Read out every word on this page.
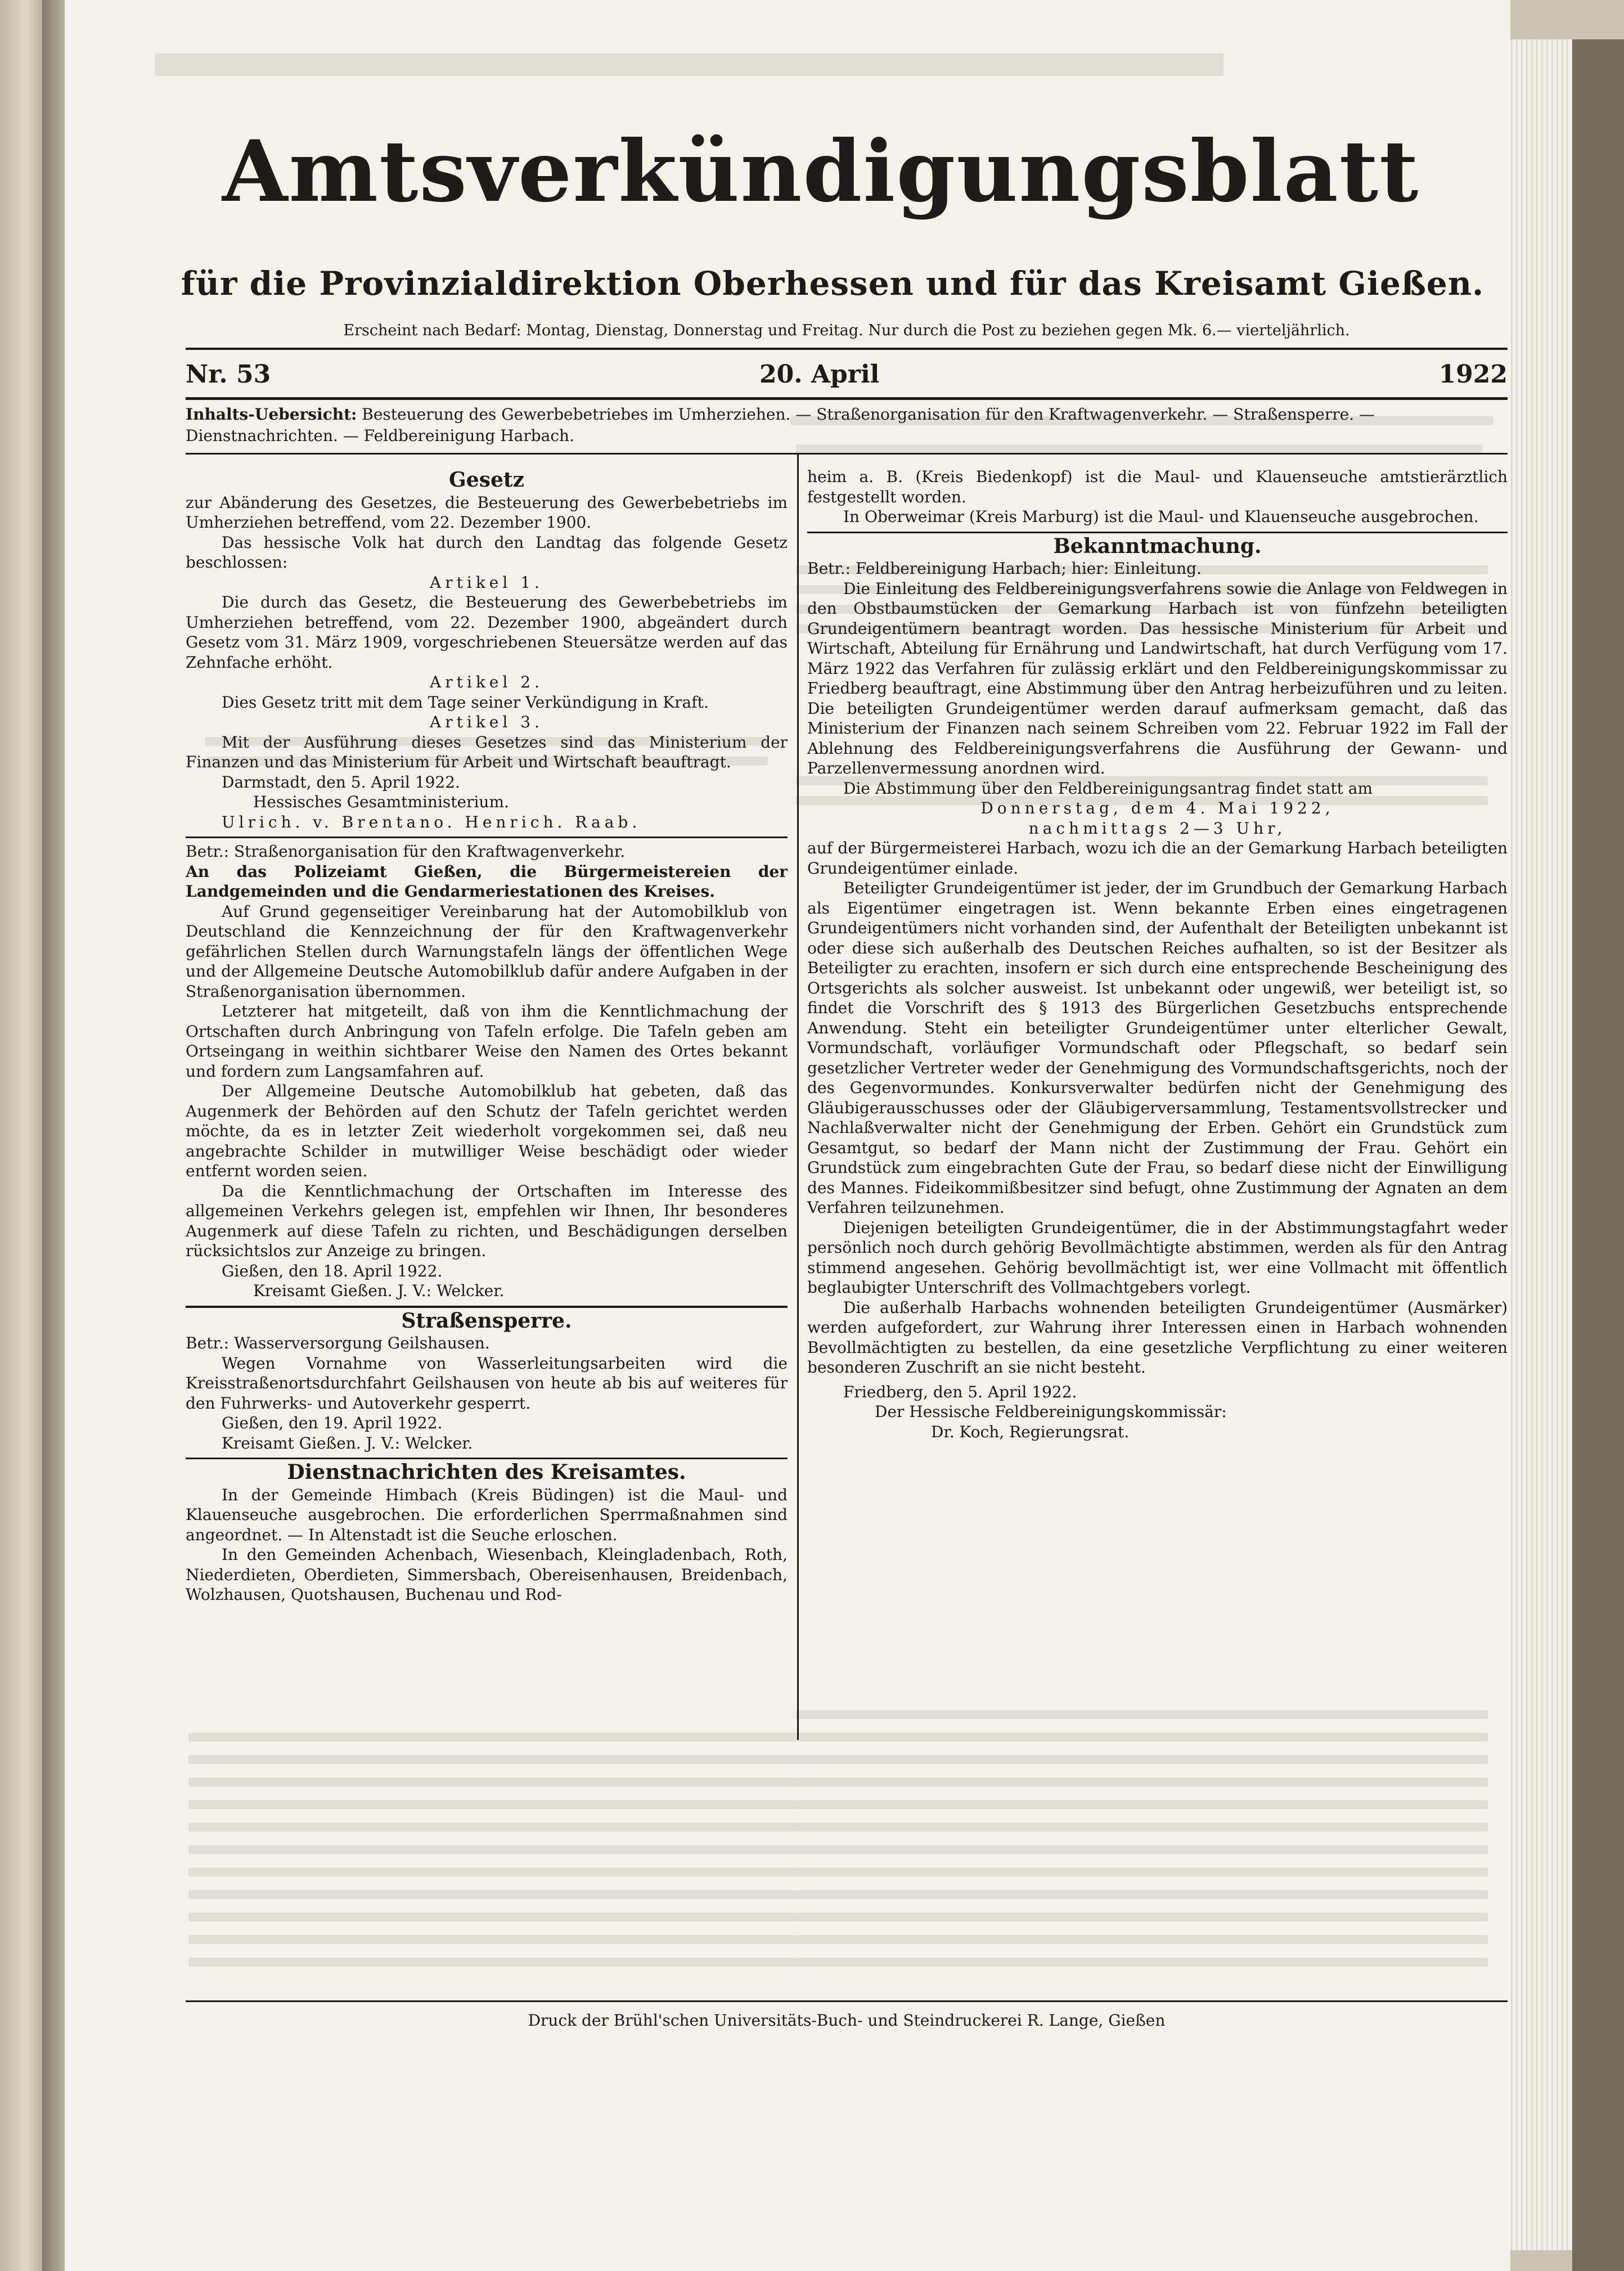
Amtsverkündigungsblatt
für die Provinzialdirektion Oberhessen und für das Kreisamt Gießen.
Erscheint nach Bedarf: Montag, Dienstag, Donnerstag und Freitag. Nur durch die Post zu beziehen gegen Mk. 6.— vierteljährlich.
Nr. 53	20. April	1922
Inhalts-Uebersicht: Besteuerung des Gewerbebetriebes im Umherziehen. — Straßenorganisation für den Kraftwagenverkehr. — Straßensperre. — Dienstnachrichten. — Feldbereinigung Harbach.

Gesetz

zur Abänderung des Gesetzes, die Besteuerung des Gewerbebetriebs im Umherziehen betreffend, vom 22. Dezember 1900.

Das hessische Volk hat durch den Landtag das folgende Gesetz beschlossen:

Artikel 1.

Die durch das Gesetz, die Besteuerung des Gewerbebetriebs im Umherziehen betreffend, vom 22. Dezember 1900, abgeändert durch Gesetz vom 31. März 1909, vorgeschriebenen Steuersätze werden auf das Zehnfache erhöht.

Artikel 2.

Dies Gesetz tritt mit dem Tage seiner Verkündigung in Kraft.

Artikel 3.

Mit der Ausführung dieses Gesetzes sind das Ministerium der Finanzen und das Ministerium für Arbeit und Wirtschaft beauftragt.

Darmstadt, den 5. April 1922.

Hessisches Gesamtministerium.

Ulrich. v. Brentano. Henrich. Raab.

Betr.: Straßenorganisation für den Kraftwagenverkehr.

An das Polizeiamt Gießen, die Bürgermeistereien der Landgemeinden und die Gendarmeriestationen des Kreises.

Auf Grund gegenseitiger Vereinbarung hat der Automobilklub von Deutschland die Kennzeichnung der für den Kraftwagenverkehr gefährlichen Stellen durch Warnungstafeln längs der öffentlichen Wege und der Allgemeine Deutsche Automobilklub dafür andere Aufgaben in der Straßenorganisation übernommen.

Letzterer hat mitgeteilt, daß von ihm die Kenntlichmachung der Ortschaften durch Anbringung von Tafeln erfolge. Die Tafeln geben am Ortseingang in weithin sichtbarer Weise den Namen des Ortes bekannt und fordern zum Langsamfahren auf.

Der Allgemeine Deutsche Automobilklub hat gebeten, daß das Augenmerk der Behörden auf den Schutz der Tafeln gerichtet werden möchte, da es in letzter Zeit wiederholt vorgekommen sei, daß neu angebrachte Schilder in mutwilliger Weise beschädigt oder wieder entfernt worden seien.

Da die Kenntlichmachung der Ortschaften im Interesse des allgemeinen Verkehrs gelegen ist, empfehlen wir Ihnen, Ihr besonderes Augenmerk auf diese Tafeln zu richten, und Beschädigungen derselben rücksichtslos zur Anzeige zu bringen.

Gießen, den 18. April 1922.

Kreisamt Gießen. J. V.: Welcker.

Straßensperre.

Betr.: Wasserversorgung Geilshausen.

Wegen Vornahme von Wasserleitungsarbeiten wird die Kreisstraßenortsdurchfahrt Geilshausen von heute ab bis auf weiteres für den Fuhrwerks- und Autoverkehr gesperrt.

Gießen, den 19. April 1922.

Kreisamt Gießen. J. V.: Welcker.

Dienstnachrichten des Kreisamtes.

In der Gemeinde Himbach (Kreis Büdingen) ist die Maul- und Klauenseuche ausgebrochen. Die erforderlichen Sperrmaßnahmen sind angeordnet. — In Altenstadt ist die Seuche erloschen.

In den Gemeinden Achenbach, Wiesenbach, Kleingladenbach, Roth, Niederdieten, Oberdieten, Simmersbach, Obereisenhausen, Breidenbach, Wolzhausen, Quotshausen, Buchenau und Rod-

heim a. B. (Kreis Biedenkopf) ist die Maul- und Klauenseuche amtstierärztlich festgestellt worden.

In Oberweimar (Kreis Marburg) ist die Maul- und Klauenseuche ausgebrochen.

Bekanntmachung.

Betr.: Feldbereinigung Harbach; hier: Einleitung.

Die Einleitung des Feldbereinigungsverfahrens sowie die Anlage von Feldwegen in den Obstbaumstücken der Gemarkung Harbach ist von fünfzehn beteiligten Grundeigentümern beantragt worden. Das hessische Ministerium für Arbeit und Wirtschaft, Abteilung für Ernährung und Landwirtschaft, hat durch Verfügung vom 17. März 1922 das Verfahren für zulässig erklärt und den Feldbereinigungskommissar zu Friedberg beauftragt, eine Abstimmung über den Antrag herbeizuführen und zu leiten. Die beteiligten Grundeigentümer werden darauf aufmerksam gemacht, daß das Ministerium der Finanzen nach seinem Schreiben vom 22. Februar 1922 im Fall der Ablehnung des Feldbereinigungsverfahrens die Ausführung der Gewann- und Parzellenvermessung anordnen wird.

Die Abstimmung über den Feldbereinigungsantrag findet statt am

Donnerstag, dem 4. Mai 1922,

nachmittags 2—3 Uhr,

auf der Bürgermeisterei Harbach, wozu ich die an der Gemarkung Harbach beteiligten Grundeigentümer einlade.

Beteiligter Grundeigentümer ist jeder, der im Grundbuch der Gemarkung Harbach als Eigentümer eingetragen ist. Wenn bekannte Erben eines eingetragenen Grundeigentümers nicht vorhanden sind, der Aufenthalt der Beteiligten unbekannt ist oder diese sich außerhalb des Deutschen Reiches aufhalten, so ist der Besitzer als Beteiligter zu erachten, insofern er sich durch eine entsprechende Bescheinigung des Ortsgerichts als solcher ausweist. Ist unbekannt oder ungewiß, wer beteiligt ist, so findet die Vorschrift des § 1913 des Bürgerlichen Gesetzbuchs entsprechende Anwendung. Steht ein beteiligter Grundeigentümer unter elterlicher Gewalt, Vormundschaft, vorläufiger Vormundschaft oder Pflegschaft, so bedarf sein gesetzlicher Vertreter weder der Genehmigung des Vormundschaftsgerichts, noch der des Gegenvormundes. Konkursverwalter bedürfen nicht der Genehmigung des Gläubigerausschusses oder der Gläubigerversammlung, Testamentsvollstrecker und Nachlaßverwalter nicht der Genehmigung der Erben. Gehört ein Grundstück zum Gesamtgut, so bedarf der Mann nicht der Zustimmung der Frau. Gehört ein Grundstück zum eingebrachten Gute der Frau, so bedarf diese nicht der Einwilligung des Mannes. Fideikommißbesitzer sind befugt, ohne Zustimmung der Agnaten an dem Verfahren teilzunehmen.

Diejenigen beteiligten Grundeigentümer, die in der Abstimmungstagfahrt weder persönlich noch durch gehörig Bevollmächtigte abstimmen, werden als für den Antrag stimmend angesehen. Gehörig bevollmächtigt ist, wer eine Vollmacht mit öffentlich beglaubigter Unterschrift des Vollmachtgebers vorlegt.

Die außerhalb Harbachs wohnenden beteiligten Grundeigentümer (Ausmärker) werden aufgefordert, zur Wahrung ihrer Interessen einen in Harbach wohnenden Bevollmächtigten zu bestellen, da eine gesetzliche Verpflichtung zu einer weiteren besonderen Zuschrift an sie nicht besteht.

Friedberg, den 5. April 1922.

Der Hessische Feldbereinigungskommissär:

Dr. Koch, Regierungsrat.

Druck der Brühl'schen Universitäts-Buch- und Steindruckerei R. Lange, Gießen
